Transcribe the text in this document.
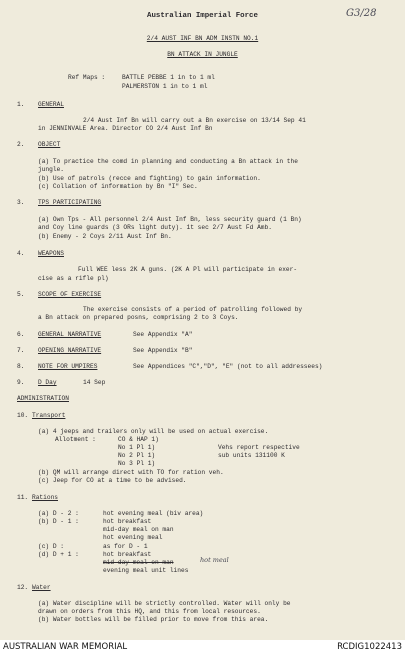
Australian Imperial Force	G3/28
2/4 AUST INF BN ADM INSTN NO.1
BN ATTACK IN JUNGLE
Ref Maps :	BATTLE PEBBE 1 in to 1 ml
PALMERSTON 1 in to 1 ml
1. GENERAL
2/4 Aust Inf Bn will carry out a Bn exercise on 13/14 Sep 41
in JENNINVALE Area. Director CO 2/4 Aust Inf Bn
2. OBJECT
(a) To practice the comd in planning and conducting a Bn attack in the
jungle.
(b) Use of patrols (recce and fighting) to gain information.
(c) Collation of information by Bn "I" Sec.
3. TPS PARTICIPATING
(a) Own Tps - All personnel 2/4 Aust Inf Bn, less security guard (1 Bn)
and Coy line guards (3 ORs light duty). 1t sec 2/7 Aust Fd Amb.
(b) Enemy - 2 Coys 2/11 Aust Inf Bn.
4. WEAPONS
Full WEE less 2K A guns. (2K A Pl will participate in exer-
cise as a rifle pl)
5. SCOPE OF EXERCISE
The exercise consists of a period of patrolling followed by
a Bn attack on prepared posns, comprising 2 to 3 Coys.
6. GENERAL NARRATIVE	See Appendix "A"
7. OPENING NARRATIVE	See Appendix "B"
8. NOTE FOR UMPIRES	See Appendices "C","D", "E" (not to all addressees)
9. D Day	14 Sep
ADMINISTRATION
10. Transport
(a) 4 jeeps and trailers only will be used on actual exercise.
Allotment :	CO & HAP 1)
No 1 Pl 1)
No 2 Pl 1)
No 3 Pl 1)
Vehs report respective
sub units 131100 K
(b) QM will arrange direct with TO for ration veh.
(c) Jeep for CO at a time to be advised.
11. Rations
(a) D - 2 :	hot evening meal (biv area)
(b) D - 1 :	hot breakfast
mid-day meal on man
hot evening meal
(c) D :	as for D - 1
(d) D + 1 :	hot breakfast
mid-day meal on man	hot meal
evening meal unit lines
12. Water
(a) Water discipline will be strictly controlled. Water will only be
drawn on orders from this HQ, and this from local resources.
(b) Water bottles will be filled prior to move from this area.
AUSTRALIAN WAR MEMORIAL	RCDIG1022413
